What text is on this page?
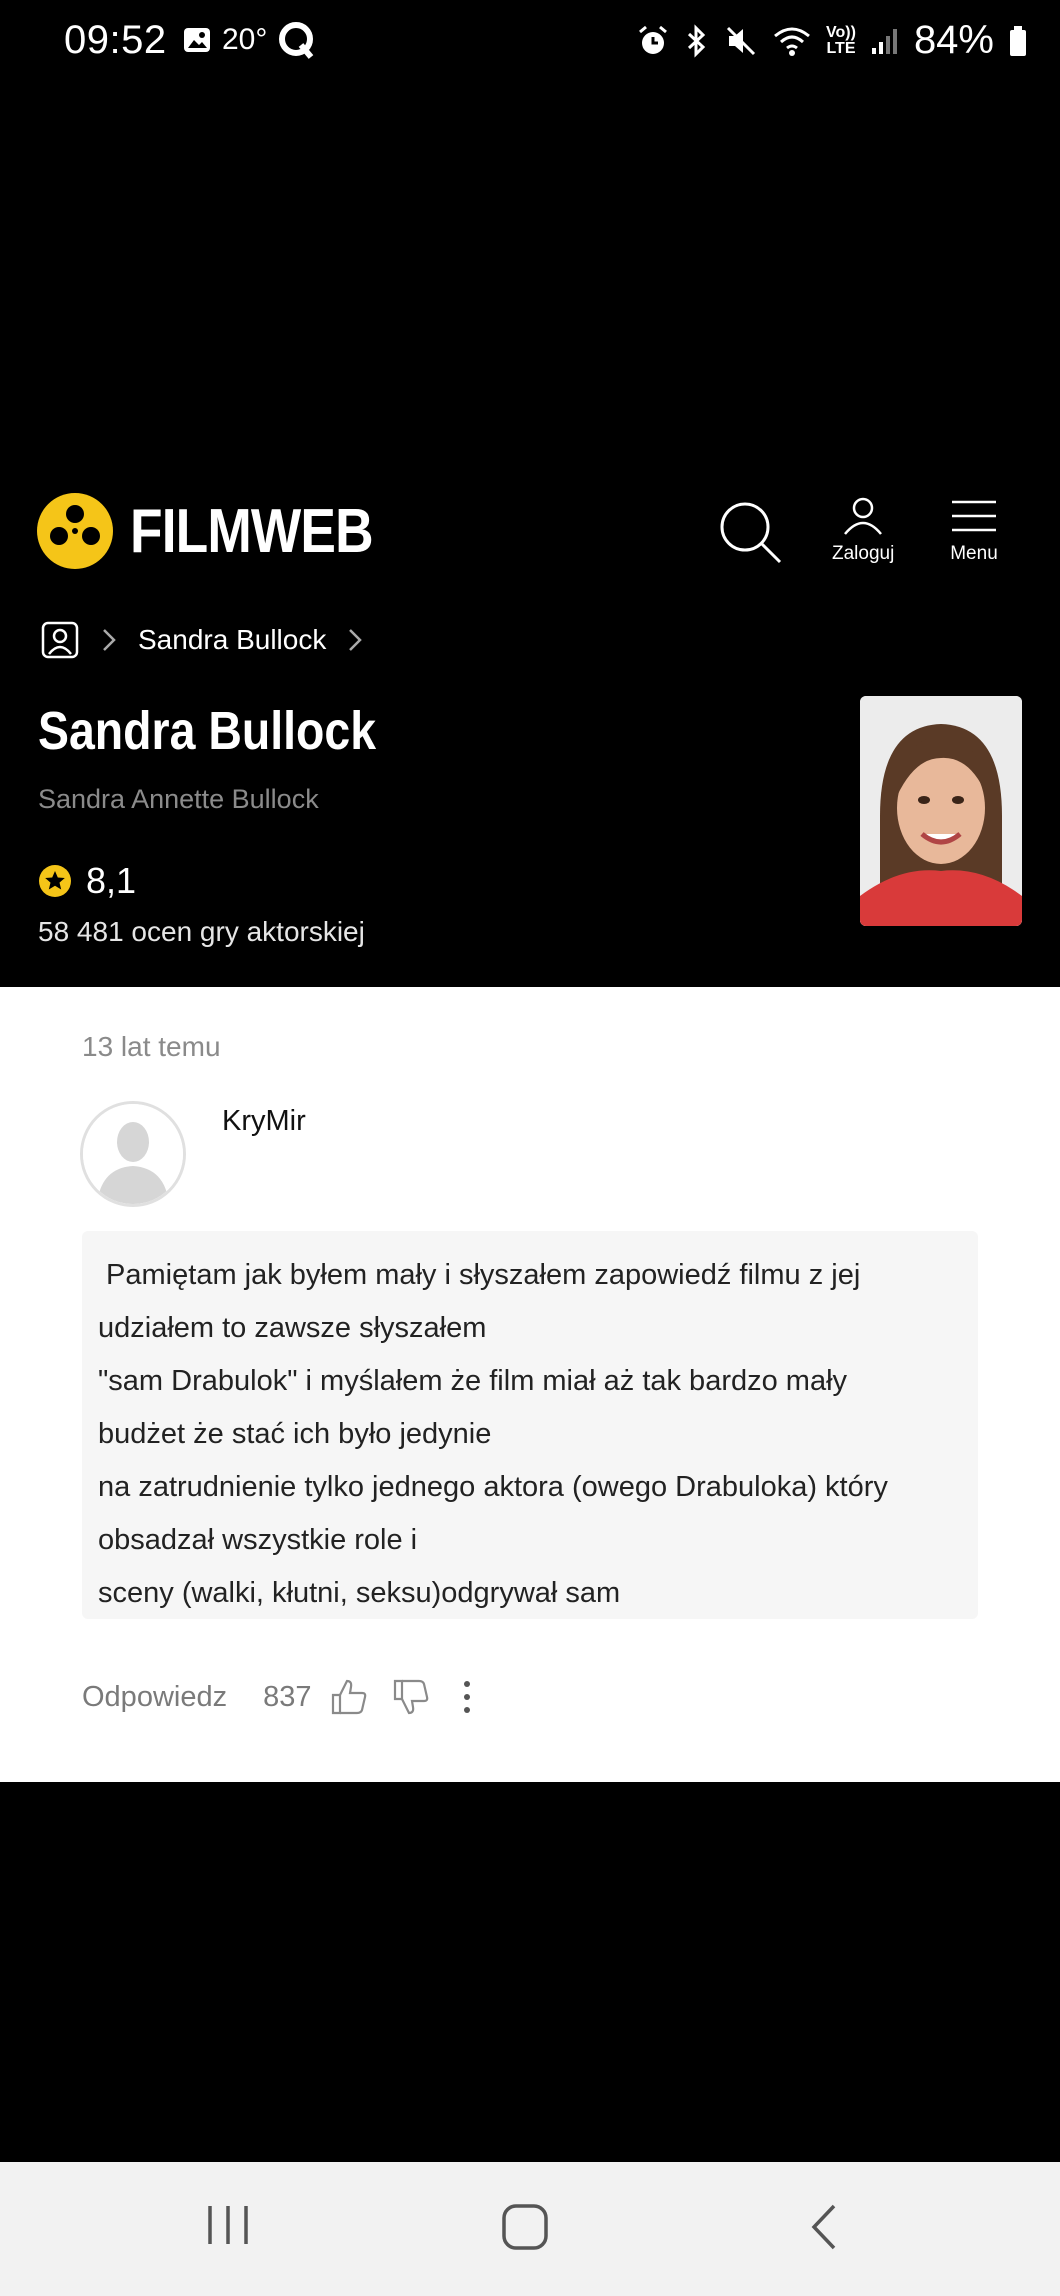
09:52 20°	Vo))
LTE 84%
FILMWEB	Zaloguj	Menu
Sandra Bullock
Sandra Bullock
Sandra Annette Bullock
8,1
58 481 ocen gry aktorskiej
13 lat temu
KryMir
Pamiętam jak byłem mały i słyszałem zapowiedź filmu z jej
udziałem to zawsze słyszałem
"sam Drabulok" i myślałem że film miał aż tak bardzo mały
budżet że stać ich było jedynie
na zatrudnienie tylko jednego aktora (owego Drabuloka) który
obsadzał wszystkie role i
sceny (walki, kłutni, seksu)odgrywał sam
Odpowiedz 837
